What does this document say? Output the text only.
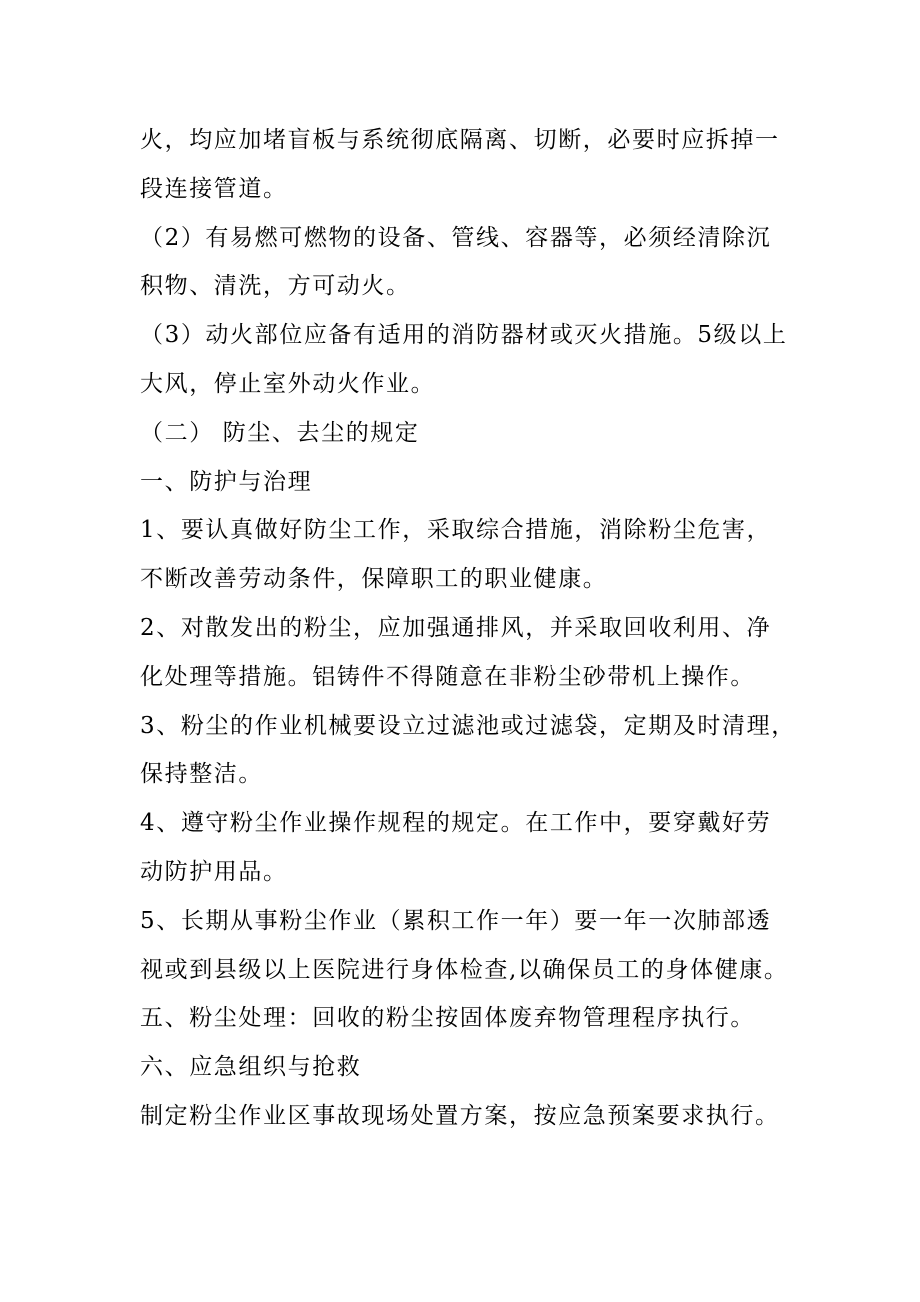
火，均应加堵盲板与系统彻底隔离、切断，必要时应拆掉一
段连接管道。
（2）有易燃可燃物的设备、管线、容器等，必须经清除沉
积物、清洗，方可动火。
（3）动火部位应备有适用的消防器材或灭火措施。5级以上
大风，停止室外动火作业。
（二） 防尘、去尘的规定
一、防护与治理
1、要认真做好防尘工作，采取综合措施，消除粉尘危害，
不断改善劳动条件，保障职工的职业健康。
2、对散发出的粉尘，应加强通排风，并采取回收利用、净
化处理等措施。铝铸件不得随意在非粉尘砂带机上操作。
3、粉尘的作业机械要设立过滤池或过滤袋，定期及时清理，
保持整洁。
4、遵守粉尘作业操作规程的规定。在工作中，要穿戴好劳
动防护用品。
5、长期从事粉尘作业（累积工作一年）要一年一次肺部透
视或到县级以上医院进行身体检查,以确保员工的身体健康。
五、粉尘处理：回收的粉尘按固体废弃物管理程序执行。
六、应急组织与抢救
制定粉尘作业区事故现场处置方案，按应急预案要求执行。
